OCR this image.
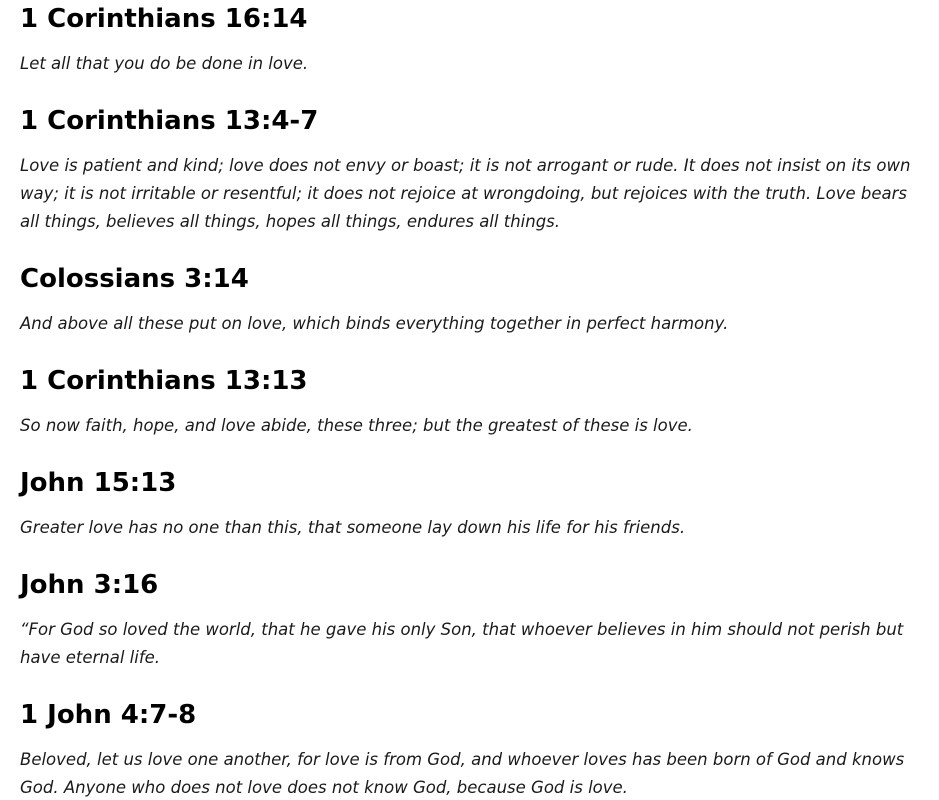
1 Corinthians 16:14

Let all that you do be done in love.

1 Corinthians 13:4-7

Love is patient and kind; love does not envy or boast; it is not arrogant or rude. It does not insist on its own way; it is not irritable or resentful; it does not rejoice at wrongdoing, but rejoices with the truth. Love bears all things, believes all things, hopes all things, endures all things.

Colossians 3:14

And above all these put on love, which binds everything together in perfect harmony.

1 Corinthians 13:13

So now faith, hope, and love abide, these three; but the greatest of these is love.

John 15:13

Greater love has no one than this, that someone lay down his life for his friends.

John 3:16

“For God so loved the world, that he gave his only Son, that whoever believes in him should not perish but have eternal life.

1 John 4:7-8

Beloved, let us love one another, for love is from God, and whoever loves has been born of God and knows God. Anyone who does not love does not know God, because God is love.
